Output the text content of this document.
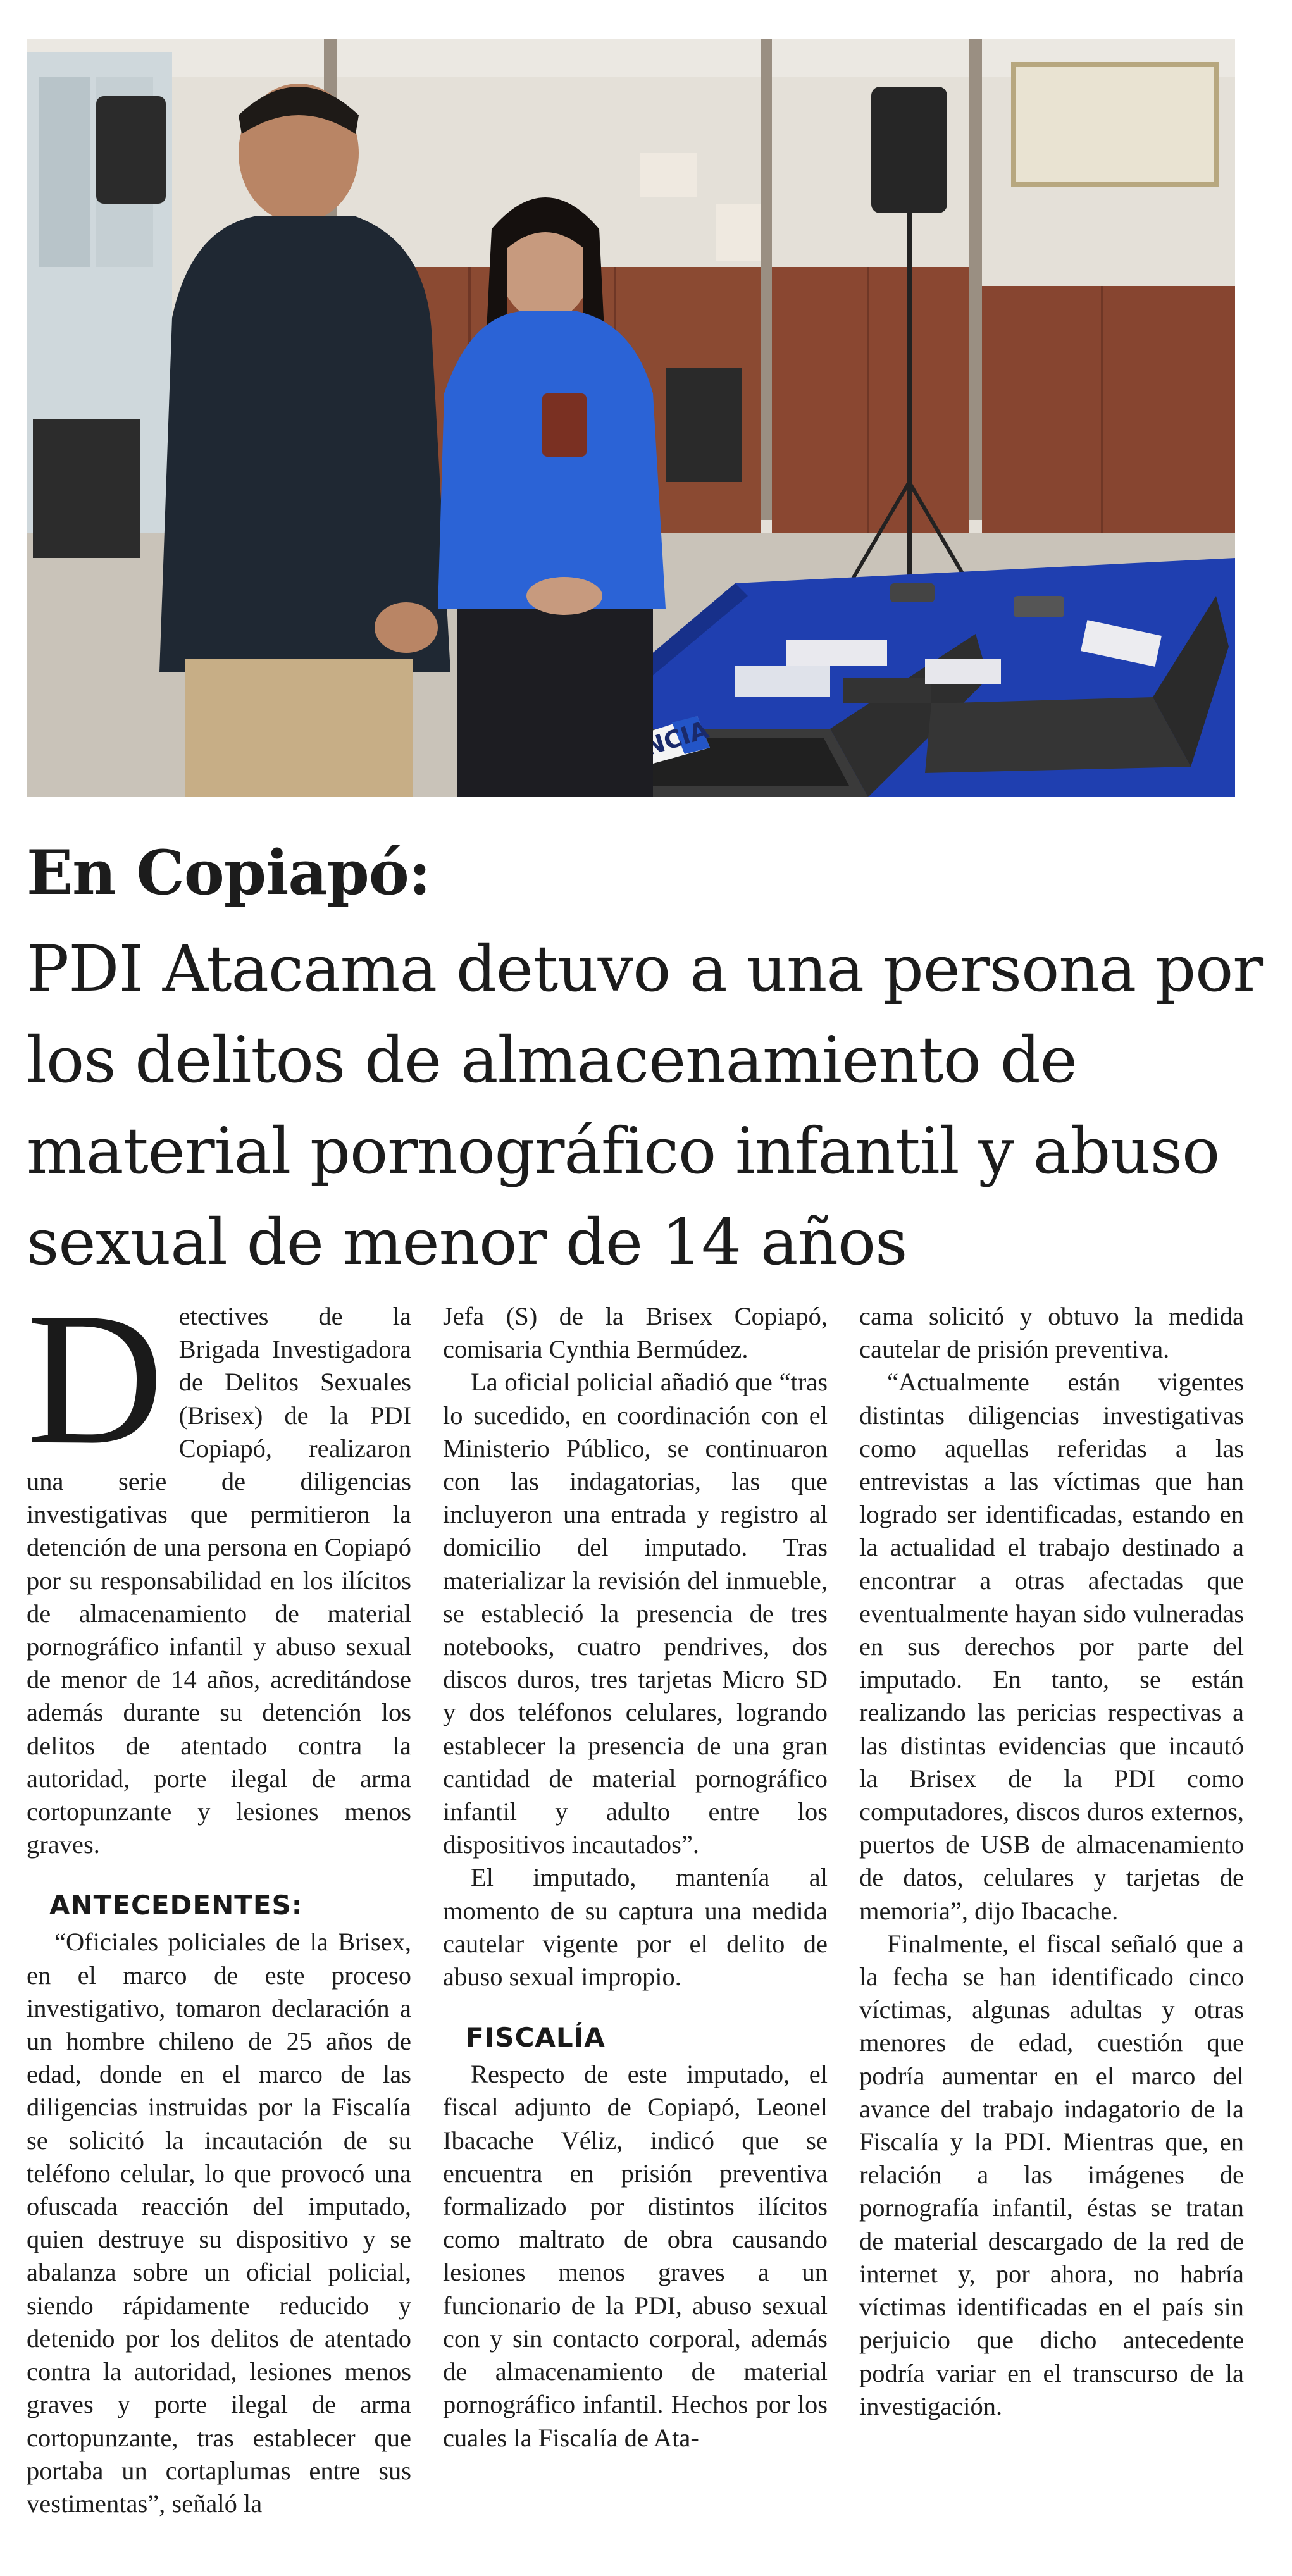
En Copiapó:
PDI Atacama detuvo a una persona por los delitos de almacenamiento de material pornográfico infantil y abuso sexual de menor de 14 años

Detectives de la Brigada Investigadora de Delitos Sexuales (Brisex) de la PDI Copiapó, realizaron una serie de diligencias investigativas que permitieron la detención de una persona en Copiapó por su responsabilidad en los ilícitos de almacenamiento de material pornográfico infantil y abuso sexual de menor de 14 años, acreditándose además durante su detención los delitos de atentado contra la autoridad, porte ilegal de arma cortopunzante y lesiones menos graves.

ANTECEDENTES:

“Oficiales policiales de la Brisex, en el marco de este proceso investigativo, tomaron declaración a un hombre chileno de 25 años de edad, donde en el marco de las diligencias instruidas por la Fiscalía se solicitó la incautación de su teléfono celular, lo que provocó una ofuscada reacción del imputado, quien destruye su dispositivo y se abalanza sobre un oficial policial, siendo rápidamente reducido y detenido por los delitos de atentado contra la autoridad, lesiones menos graves y porte ilegal de arma cortopunzante, tras establecer que portaba un cortaplumas entre sus vestimentas”, señaló la

Jefa (S) de la Brisex Copiapó, comisaria Cynthia Bermúdez.

La oficial policial añadió que “tras lo sucedido, en coordinación con el Ministerio Público, se continuaron con las indagatorias, las que incluyeron una entrada y registro al domicilio del imputado. Tras materializar la revisión del inmueble, se estableció la presencia de tres notebooks, cuatro pendrives, dos discos duros, tres tarjetas Micro SD y dos teléfonos celulares, logrando establecer la presencia de una gran cantidad de material pornográfico infantil y adulto entre los dispositivos incautados”.

El imputado, mantenía al momento de su captura una medida cautelar vigente por el delito de abuso sexual impropio.

FISCALÍA

Respecto de este imputado, el fiscal adjunto de Copiapó, Leonel Ibacache Véliz, indicó que se encuentra en prisión preventiva formalizado por distintos ilícitos como maltrato de obra causando lesiones menos graves a un funcionario de la PDI, abuso sexual con y sin contacto corporal, además de almacenamiento de material pornográfico infantil. Hechos por los cuales la Fiscalía de Ata-

cama solicitó y obtuvo la medida cautelar de prisión preventiva.

“Actualmente están vigentes distintas diligencias investigativas como aquellas referidas a las entrevistas a las víctimas que han logrado ser identificadas, estando en la actualidad el trabajo destinado a encontrar a otras afectadas que eventualmente hayan sido vulneradas en sus derechos por parte del imputado. En tanto, se están realizando las pericias respectivas a las distintas evidencias que incautó la Brisex de la PDI como computadores, discos duros externos, puertos de USB de almacenamiento de datos, celulares y tarjetas de memoria”, dijo Ibacache.

Finalmente, el fiscal señaló que a la fecha se han identificado cinco víctimas, algunas adultas y otras menores de edad, cuestión que podría aumentar en el marco del avance del trabajo indagatorio de la Fiscalía y la PDI. Mientras que, en relación a las imágenes de pornografía infantil, éstas se tratan de material descargado de la red de internet y, por ahora, no habría víctimas identificadas en el país sin perjuicio que dicho antecedente podría variar en el transcurso de la investigación.
